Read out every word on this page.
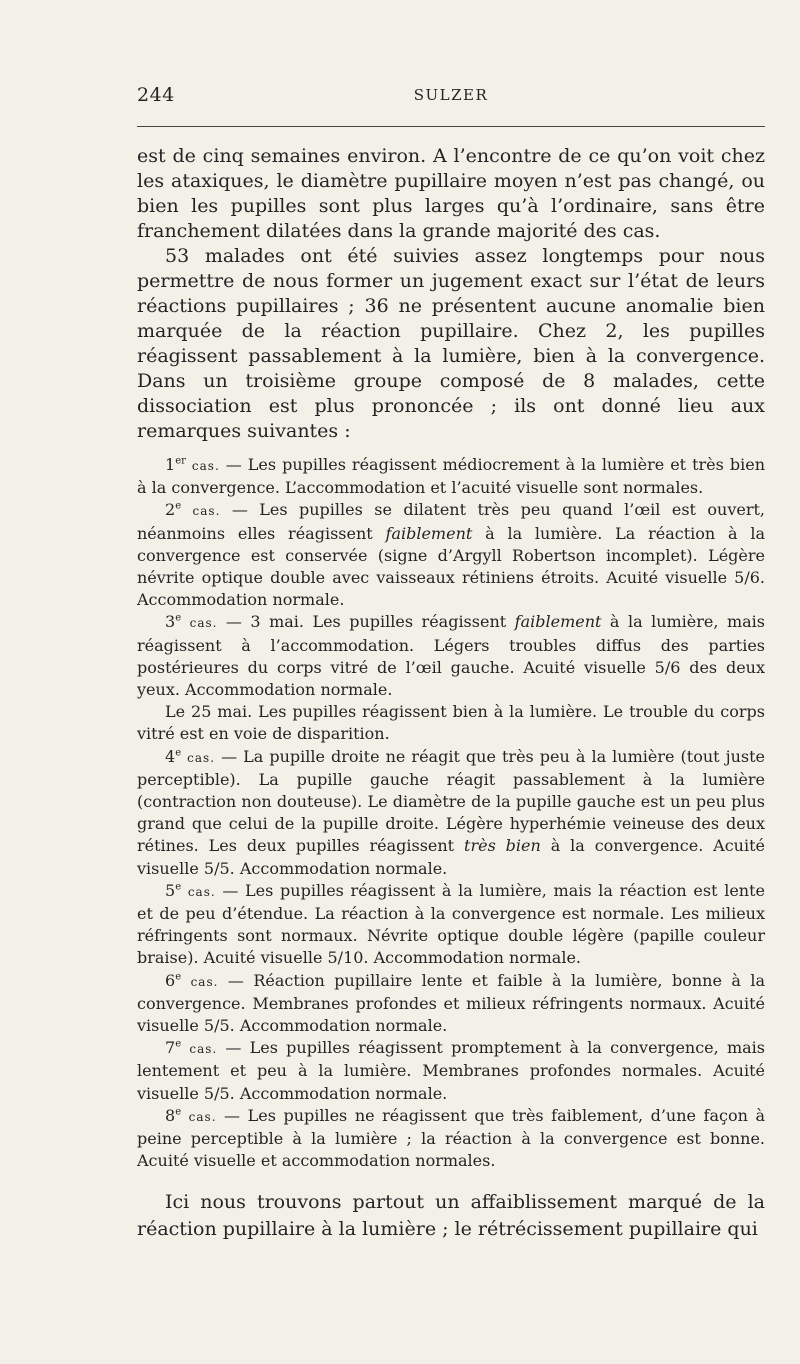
244	SULZER

est de cinq semaines environ. A l’encontre de ce qu’on voit chez les ataxiques, le diamètre pupillaire moyen n’est pas changé, ou bien les pupilles sont plus larges qu’à l’ordinaire, sans être franchement dilatées dans la grande majorité des cas.

53 malades ont été suivies assez longtemps pour nous permettre de nous former un jugement exact sur l’état de leurs réactions pupillaires ; 36 ne présentent aucune anomalie bien marquée de la réaction pupillaire. Chez 2, les pupilles réagissent passablement à la lumière, bien à la convergence. Dans un troisième groupe composé de 8 malades, cette dissociation est plus prononcée ; ils ont donné lieu aux remarques suivantes :

1er cas. — Les pupilles réagissent médiocrement à la lumière et très bien à la convergence. L’accommodation et l’acuité visuelle sont normales.

2e cas. — Les pupilles se dilatent très peu quand l’œil est ouvert, néanmoins elles réagissent faiblement à la lumière. La réaction à la convergence est conservée (signe d’Argyll Robertson incomplet). Légère névrite optique double avec vaisseaux rétiniens étroits. Acuité visuelle 5/6. Accommodation normale.

3e cas. — 3 mai. Les pupilles réagissent faiblement à la lumière, mais réagissent à l’accommodation. Légers troubles diffus des parties postérieures du corps vitré de l’œil gauche. Acuité visuelle 5/6 des deux yeux. Accommodation normale.

Le 25 mai. Les pupilles réagissent bien à la lumière. Le trouble du corps vitré est en voie de disparition.

4e cas. — La pupille droite ne réagit que très peu à la lumière (tout juste perceptible). La pupille gauche réagit passablement à la lumière (contraction non douteuse). Le diamètre de la pupille gauche est un peu plus grand que celui de la pupille droite. Légère hyperhémie veineuse des deux rétines. Les deux pupilles réagissent très bien à la convergence. Acuité visuelle 5/5. Accommodation normale.

5e cas. — Les pupilles réagissent à la lumière, mais la réaction est lente et de peu d’étendue. La réaction à la convergence est normale. Les milieux réfringents sont normaux. Névrite optique double légère (papille couleur braise). Acuité visuelle 5/10. Accommodation normale.

6e cas. — Réaction pupillaire lente et faible à la lumière, bonne à la convergence. Membranes profondes et milieux réfringents normaux. Acuité visuelle 5/5. Accommodation normale.

7e cas. — Les pupilles réagissent promptement à la convergence, mais lentement et peu à la lumière. Membranes profondes normales. Acuité visuelle 5/5. Accommodation normale.

8e cas. — Les pupilles ne réagissent que très faiblement, d’une façon à peine perceptible à la lumière ; la réaction à la convergence est bonne. Acuité visuelle et accommodation normales.

Ici nous trouvons partout un affaiblissement marqué de la réaction pupillaire à la lumière ; le rétrécissement pupillaire qui
